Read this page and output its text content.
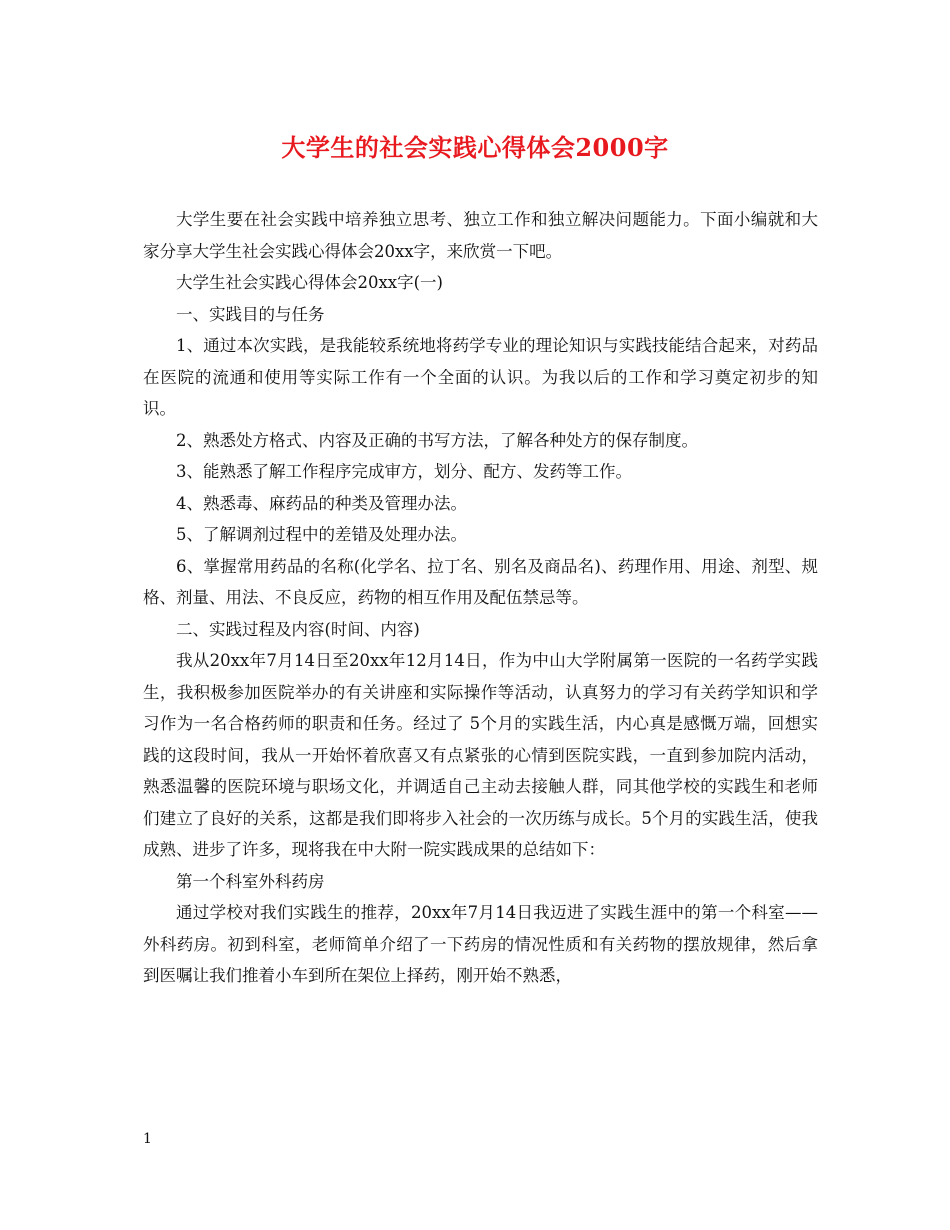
大学生的社会实践心得体会2000字

大学生要在社会实践中培养独立思考、独立工作和独立解决问题能力。下面小编就和大家分享大学生社会实践心得体会20xx字，来欣赏一下吧。

大学生社会实践心得体会20xx字(一)

一、实践目的与任务

1、通过本次实践，是我能较系统地将药学专业的理论知识与实践技能结合起来，对药品在医院的流通和使用等实际工作有一个全面的认识。为我以后的工作和学习奠定初步的知识。

2、熟悉处方格式、内容及正确的书写方法，了解各种处方的保存制度。

3、能熟悉了解工作程序完成审方，划分、配方、发药等工作。

4、熟悉毒、麻药品的种类及管理办法。

5、了解调剂过程中的差错及处理办法。

6、掌握常用药品的名称(化学名、拉丁名、别名及商品名)、药理作用、用途、剂型、规格、剂量、用法、不良反应，药物的相互作用及配伍禁忌等。

二、实践过程及内容(时间、内容)

我从20xx年7月14日至20xx年12月14日，作为中山大学附属第一医院的一名药学实践生，我积极参加医院举办的有关讲座和实际操作等活动，认真努力的学习有关药学知识和学习作为一名合格药师的职责和任务。经过了 5个月的实践生活，内心真是感慨万端，回想实践的这段时间，我从一开始怀着欣喜又有点紧张的心情到医院实践，一直到参加院内活动，熟悉温馨的医院环境与职场文化，并调适自己主动去接触人群，同其他学校的实践生和老师们建立了良好的关系，这都是我们即将步入社会的一次历练与成长。5个月的实践生活，使我成熟、进步了许多，现将我在中大附一院实践成果的总结如下：

第一个科室外科药房

通过学校对我们实践生的推荐，20xx年7月14日我迈进了实践生涯中的第一个科室——外科药房。初到科室，老师简单介绍了一下药房的情况性质和有关药物的摆放规律，然后拿到医嘱让我们推着小车到所在架位上择药，刚开始不熟悉，

1
